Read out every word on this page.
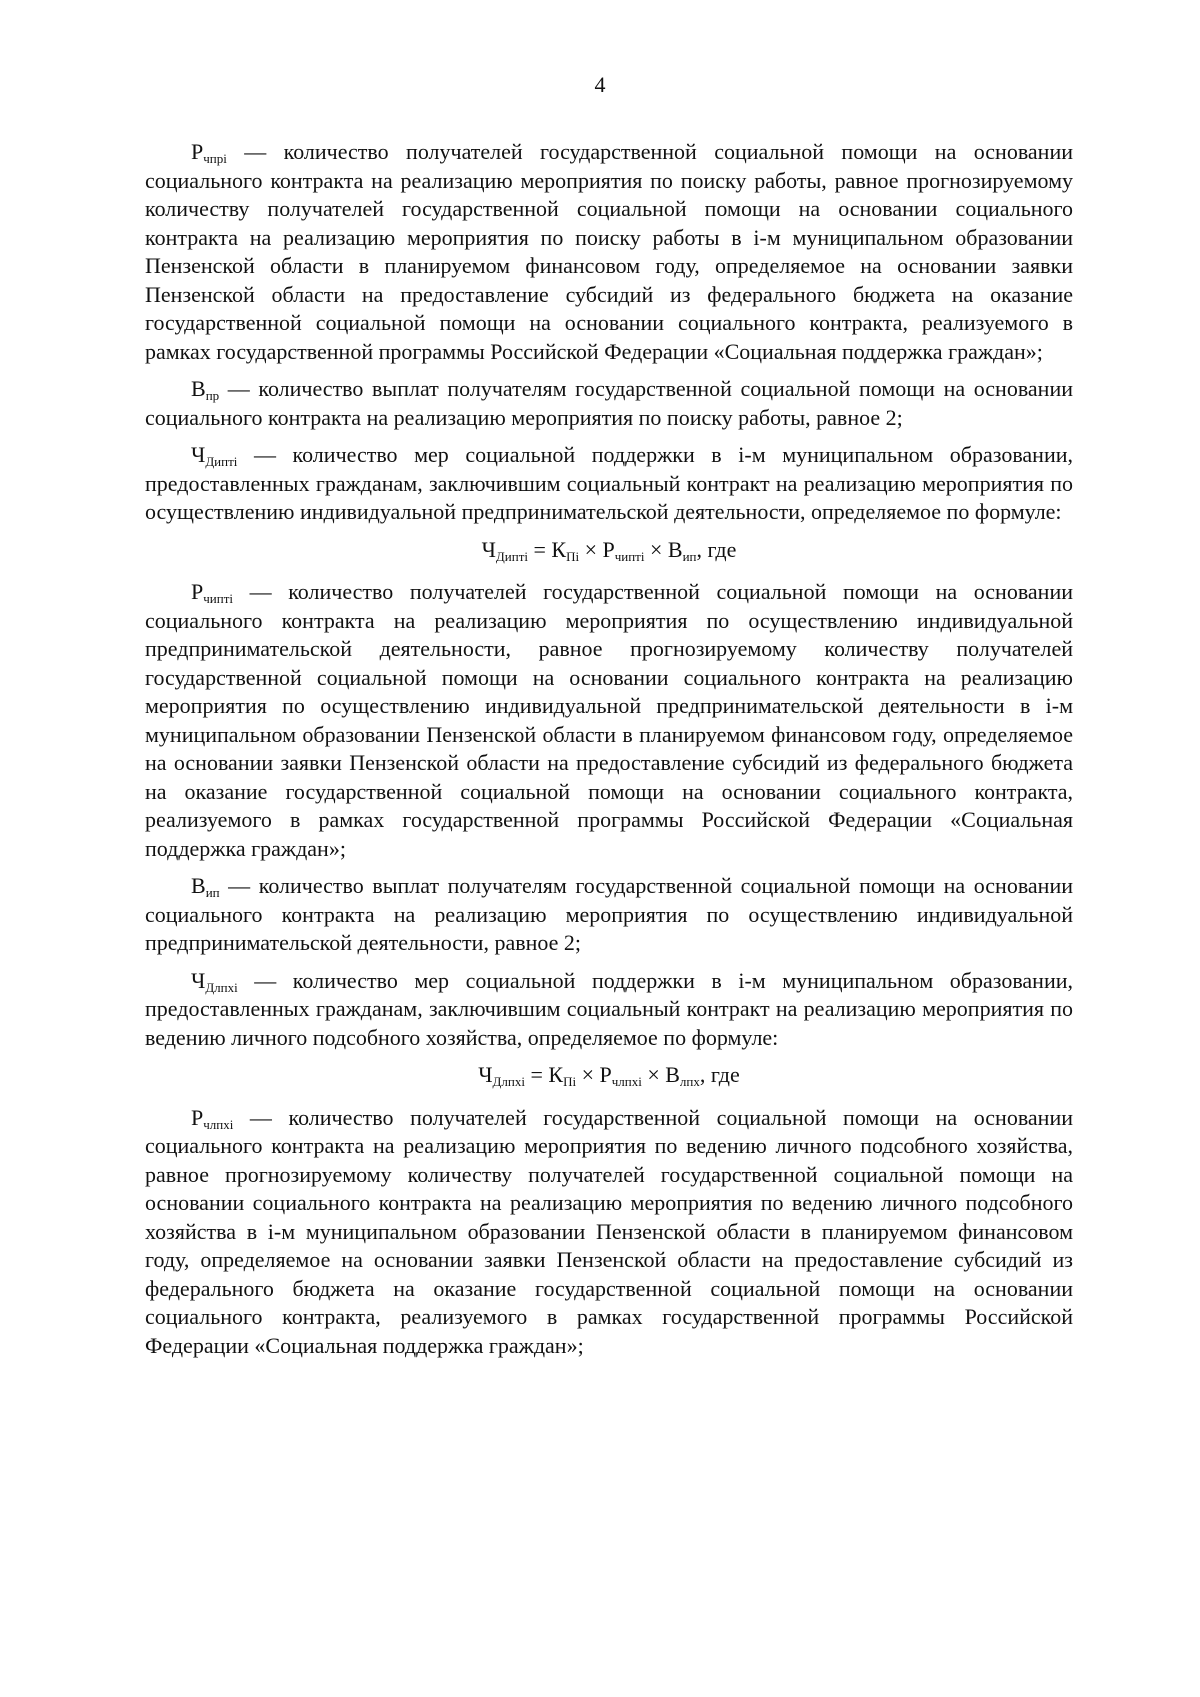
4

$Р_{чпрi}$ — количество получателей государственной социальной помощи на основании социального контракта на реализацию мероприятия по поиску работы, равное прогнозируемому количеству получателей государственной социальной помощи на основании социального контракта на реализацию мероприятия по поиску работы в i-м муниципальном образовании Пензенской области в планируемом финансовом году, определяемое на основании заявки Пензенской области на предоставление субсидий из федерального бюджета на оказание государственной социальной помощи на основании социального контракта, реализуемого в рамках государственной программы Российской Федерации «Социальная поддержка граждан»;

$В_{пр}$ — количество выплат получателям государственной социальной помощи на основании социального контракта на реализацию мероприятия по поиску работы, равное 2;

$Ч_{Диптi}$ — количество мер социальной поддержки в i-м муниципальном образовании, предоставленных гражданам, заключившим социальный контракт на реализацию мероприятия по осуществлению индивидуальной предпринимательской деятельности, определяемое по формуле:

$Ч_{Диптi} = К_{Пi} \times Р_{чиптi} \times В_{ип}$, где

$Р_{чиптi}$ — количество получателей государственной социальной помощи на основании социального контракта на реализацию мероприятия по осуществлению индивидуальной предпринимательской деятельности, равное прогнозируемому количеству получателей государственной социальной помощи на основании социального контракта на реализацию мероприятия по осуществлению индивидуальной предпринимательской деятельности в i-м муниципальном образовании Пензенской области в планируемом финансовом году, определяемое на основании заявки Пензенской области на предоставление субсидий из федерального бюджета на оказание государственной социальной помощи на основании социального контракта, реализуемого в рамках государственной программы Российской Федерации «Социальная поддержка граждан»;

$В_{ип}$ — количество выплат получателям государственной социальной помощи на основании социального контракта на реализацию мероприятия по осуществлению индивидуальной предпринимательской деятельности, равное 2;

$Ч_{Длпхi}$ — количество мер социальной поддержки в i-м муниципальном образовании, предоставленных гражданам, заключившим социальный контракт на реализацию мероприятия по ведению личного подсобного хозяйства, определяемое по формуле:

$Ч_{Длпхi} = К_{Пi} \times Р_{члпхi} \times В_{лпх}$, где

$Р_{члпхi}$ — количество получателей государственной социальной помощи на основании социального контракта на реализацию мероприятия по ведению личного подсобного хозяйства, равное прогнозируемому количеству получателей государственной социальной помощи на основании социального контракта на реализацию мероприятия по ведению личного подсобного хозяйства в i-м муниципальном образовании Пензенской области в планируемом финансовом году, определяемое на основании заявки Пензенской области на предоставление субсидий из федерального бюджета на оказание государственной социальной помощи на основании социального контракта, реализуемого в рамках государственной программы Российской Федерации «Социальная поддержка граждан»;
